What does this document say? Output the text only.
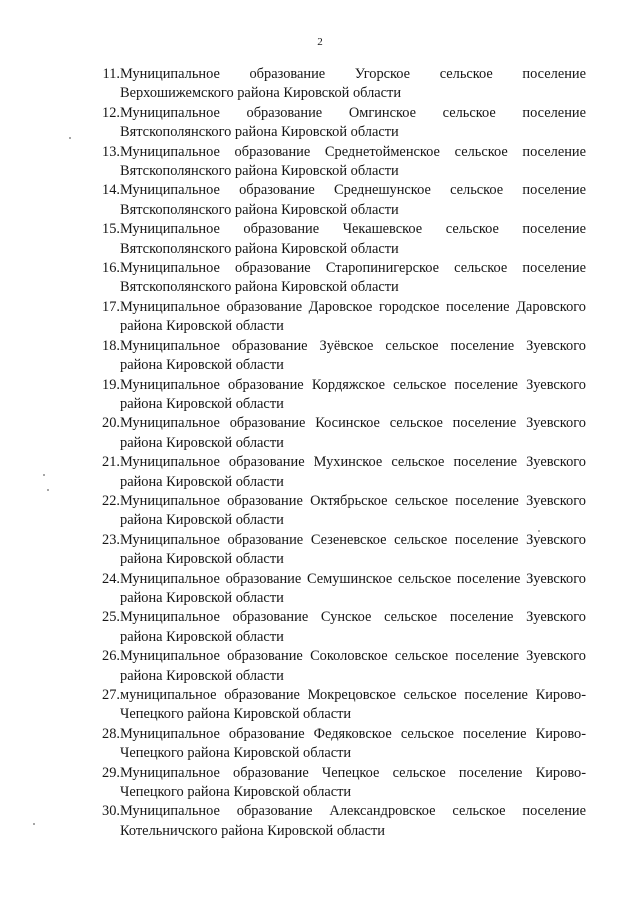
2
11. Муниципальное образование Угорское сельское поселение Верхошижемского района Кировской области
12. Муниципальное образование Омгинское сельское поселение Вятскополянского района Кировской области
13. Муниципальное образование Среднетойменское сельское поселение Вятскополянского района Кировской области
14. Муниципальное образование Среднешунское сельское поселение Вятскополянского района Кировской области
15. Муниципальное образование Чекашевское сельское поселение Вятскополянского района Кировской области
16. Муниципальное образование Старопинигерское сельское поселение Вятскополянского района Кировской области
17. Муниципальное образование Даровское городское поселение Даровского района Кировской области
18. Муниципальное образование Зуёвское сельское поселение Зуевского района Кировской области
19. Муниципальное образование Кордяжское сельское поселение Зуевского района Кировской области
20. Муниципальное образование Косинское сельское поселение Зуевского района Кировской области
21. Муниципальное образование Мухинское сельское поселение Зуевского района Кировской области
22. Муниципальное образование Октябрьское сельское поселение Зуевского района Кировской области
23. Муниципальное образование Сезеневское сельское поселение Зуевского района Кировской области
24. Муниципальное образование Семушинское сельское поселение Зуевского района Кировской области
25. Муниципальное образование Сунское сельское поселение Зуевского района Кировской области
26. Муниципальное образование Соколовское сельское поселение Зуевского района Кировской области
27. муниципальное образование Мокрецовское сельское поселение Кирово-Чепецкого района Кировской области
28. Муниципальное образование Федяковское сельское поселение Кирово-Чепецкого района Кировской области
29. Муниципальное образование Чепецкое сельское поселение Кирово-Чепецкого района Кировской области
30. Муниципальное образование Александровское сельское поселение Котельничского района Кировской области
